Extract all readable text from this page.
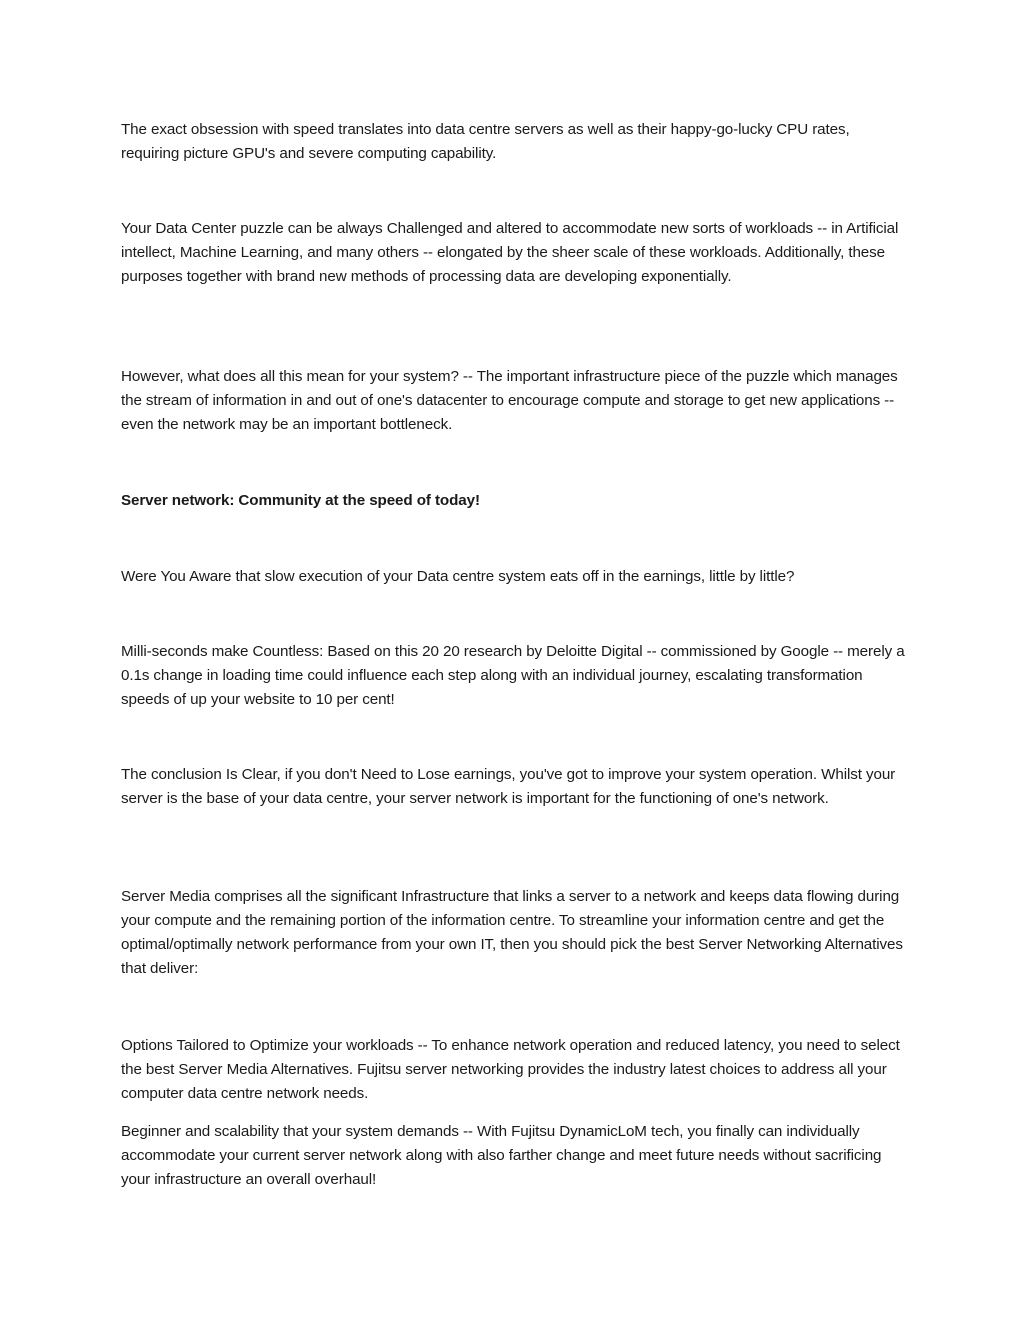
The exact obsession with speed translates into data centre servers as well as their happy-go-lucky CPU rates, requiring picture GPU's and severe computing capability.

Your Data Center puzzle can be always Challenged and altered to accommodate new sorts of workloads -- in Artificial intellect, Machine Learning, and many others -- elongated by the sheer scale of these workloads. Additionally, these purposes together with brand new methods of processing data are developing exponentially.

However, what does all this mean for your system? -- The important infrastructure piece of the puzzle which manages the stream of information in and out of one's datacenter to encourage compute and storage to get new applications -- even the network may be an important bottleneck.

Server network: Community at the speed of today!

Were You Aware that slow execution of your Data centre system eats off in the earnings, little by little?

Milli-seconds make Countless: Based on this 20 20 research by Deloitte Digital -- commissioned by Google -- merely a 0.1s change in loading time could influence each step along with an individual journey, escalating transformation speeds of up your website to 10 per cent!

The conclusion Is Clear, if you don't Need to Lose earnings, you've got to improve your system operation. Whilst your server is the base of your data centre, your server network is important for the functioning of one's network.

Server Media comprises all the significant Infrastructure that links a server to a network and keeps data flowing during your compute and the remaining portion of the information centre. To streamline your information centre and get the optimal/optimally network performance from your own IT, then you should pick the best Server Networking Alternatives that deliver:

Options Tailored to Optimize your workloads -- To enhance network operation and reduced latency, you need to select the best Server Media Alternatives. Fujitsu server networking provides the industry latest choices to address all your computer data centre network needs.

Beginner and scalability that your system demands -- With Fujitsu DynamicLoM tech, you finally can individually accommodate your current server network along with also farther change and meet future needs without sacrificing your infrastructure an overall overhaul!
